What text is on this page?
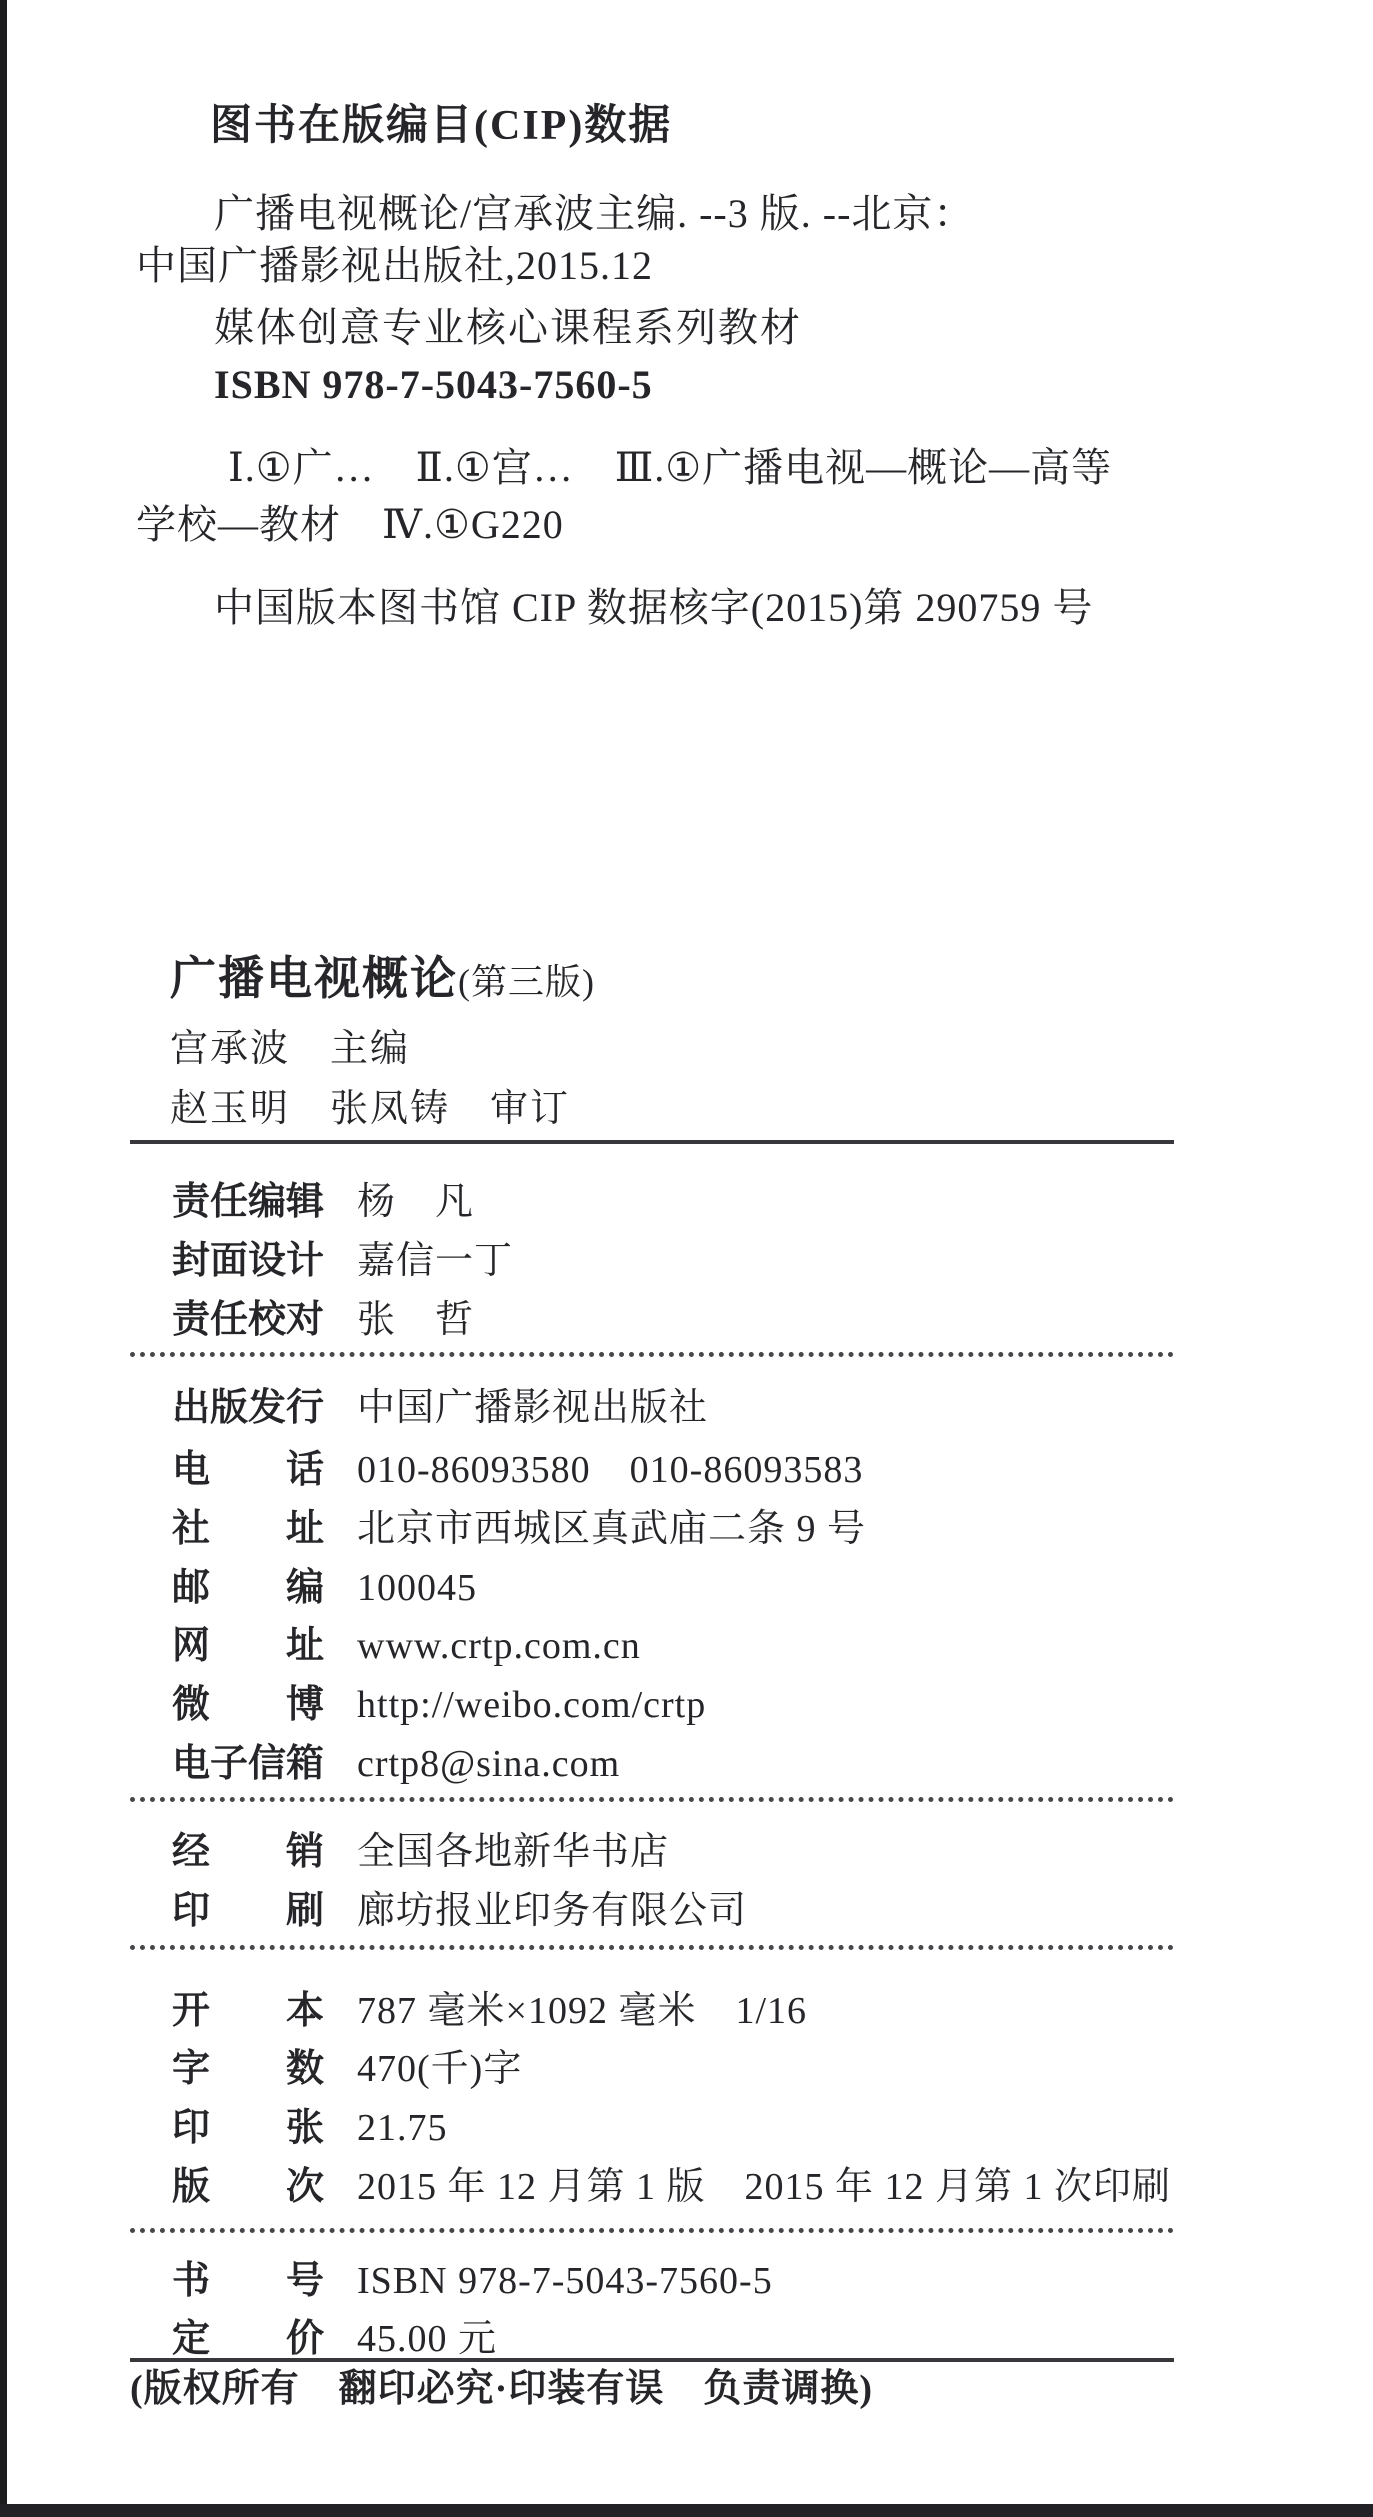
图书在版编目(CIP)数据
广播电视概论/宫承波主编. --3 版. --北京：
中国广播影视出版社,2015.12
媒体创意专业核心课程系列教材
ISBN 978-7-5043-7560-5
Ⅰ.①广…　Ⅱ.①宫…　Ⅲ.①广播电视—概论—高等
学校—教材　Ⅳ.①G220
中国版本图书馆 CIP 数据核字(2015)第 290759 号
广播电视概论(第三版)
宫承波　主编
赵玉明　张凤铸　审订
责任编辑 杨　凡
封面设计 嘉信一丁
责任校对 张　哲
出版发行 中国广播影视出版社
电　　话 010-86093580　010-86093583
社　　址 北京市西城区真武庙二条 9 号
邮　　编 100045
网　　址 www.crtp.com.cn
微　　博 http://weibo.com/crtp
电子信箱 crtp8@sina.com
经　　销 全国各地新华书店
印　　刷 廊坊报业印务有限公司
开　　本 787 毫米×1092 毫米　1/16
字　　数 470(千)字
印　　张 21.75
版　　次 2015 年 12 月第 1 版　2015 年 12 月第 1 次印刷
书　　号 ISBN 978-7-5043-7560-5
定　　价 45.00 元
(版权所有　翻印必究·印装有误　负责调换)
